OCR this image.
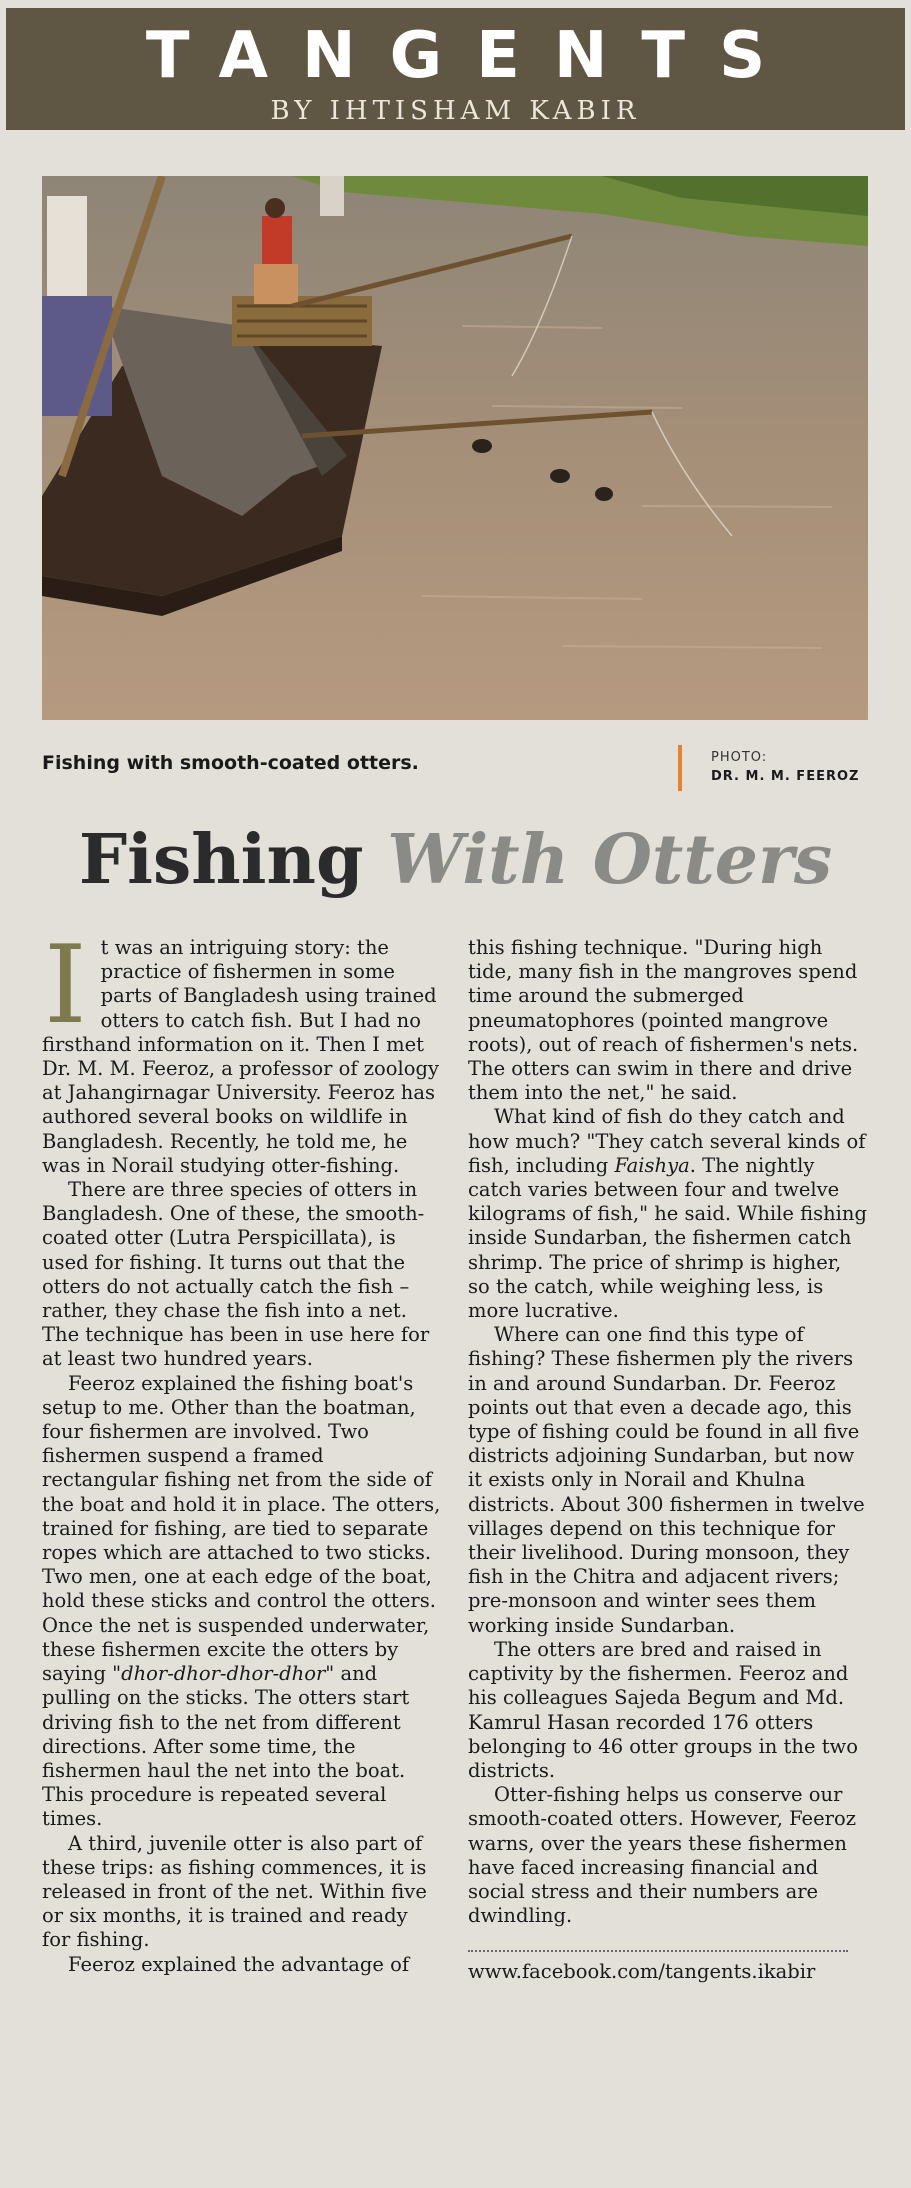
TANGENTS
BY IHTISHAM KABIR
Fishing with smooth-coated otters.	PHOTO:
DR. M. M. FEEROZ
Fishing With Otters

It was an intriguing story: the practice of fishermen in some parts of Bangladesh using trained otters to catch fish. But I had no firsthand information on it. Then I met Dr. M. M. Feeroz, a professor of zoology at Jahangirnagar University. Feeroz has authored several books on wildlife in Bangladesh. Recently, he told me, he was in Norail studying otter-fishing.

There are three species of otters in Bangladesh. One of these, the smooth-coated otter (Lutra Perspicillata), is used for fishing. It turns out that the otters do not actually catch the fish – rather, they chase the fish into a net. The technique has been in use here for at least two hundred years.

Feeroz explained the fishing boat's setup to me. Other than the boatman, four fishermen are involved. Two fishermen suspend a framed rectangular fishing net from the side of the boat and hold it in place. The otters, trained for fishing, are tied to separate ropes which are attached to two sticks. Two men, one at each edge of the boat, hold these sticks and control the otters. Once the net is suspended underwater, these fishermen excite the otters by saying "dhor-dhor-dhor-dhor" and pulling on the sticks. The otters start driving fish to the net from different directions. After some time, the fishermen haul the net into the boat. This procedure is repeated several times.

A third, juvenile otter is also part of these trips: as fishing commences, it is released in front of the net. Within five or six months, it is trained and ready for fishing.

Feeroz explained the advantage of

this fishing technique. "During high tide, many fish in the mangroves spend time around the submerged pneumatophores (pointed mangrove roots), out of reach of fishermen's nets. The otters can swim in there and drive them into the net," he said.

What kind of fish do they catch and how much? "They catch several kinds of fish, including Faishya. The nightly catch varies between four and twelve kilograms of fish," he said. While fishing inside Sundarban, the fishermen catch shrimp. The price of shrimp is higher, so the catch, while weighing less, is more lucrative.

Where can one find this type of fishing? These fishermen ply the rivers in and around Sundarban. Dr. Feeroz points out that even a decade ago, this type of fishing could be found in all five districts adjoining Sundarban, but now it exists only in Norail and Khulna districts. About 300 fishermen in twelve villages depend on this technique for their livelihood. During monsoon, they fish in the Chitra and adjacent rivers; pre-monsoon and winter sees them working inside Sundarban.

The otters are bred and raised in captivity by the fishermen. Feeroz and his colleagues Sajeda Begum and Md. Kamrul Hasan recorded 176 otters belonging to 46 otter groups in the two districts.

Otter-fishing helps us conserve our smooth-coated otters. However, Feeroz warns, over the years these fishermen have faced increasing financial and social stress and their numbers are dwindling.

www.facebook.com/tangents.ikabir
